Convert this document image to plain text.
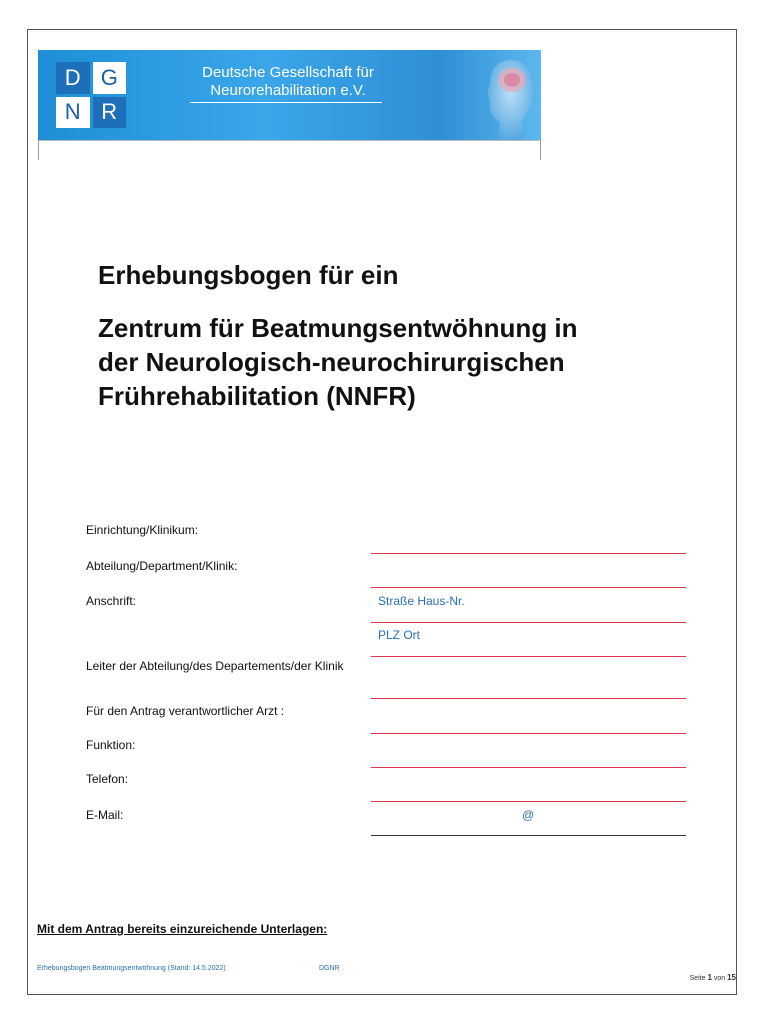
D G
N R
Deutsche Gesellschaft für
Neurorehabilitation e.V.
Erhebungsbogen für ein
Zentrum für Beatmungsentwöhnung in
der Neurologisch-neurochirurgischen
Frührehabilitation (NNFR)
Einrichtung/Klinikum:
Abteilung/Department/Klinik:
Anschrift:	Straße Haus-Nr.
PLZ Ort
Leiter der Abteilung/des Departements/der Klinik
Für den Antrag verantwortlicher Arzt :
Funktion:
Telefon:
E-Mail:	@
Mit dem Antrag bereits einzureichende Unterlagen:
Erhebungsbogen Beatmungsentwöhnung (Stand: 14.5.2022)	DGNR
Seite 1 von 15
